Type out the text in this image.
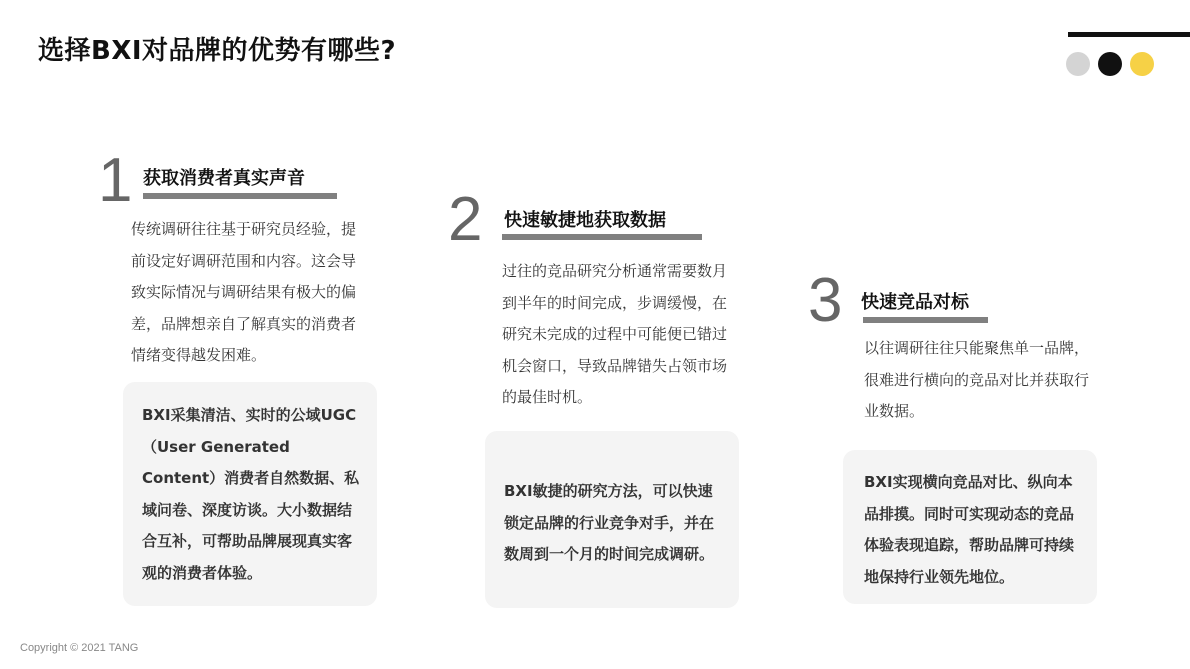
选择BXI对品牌的优势有哪些?
1 获取消费者真实声音
传统调研往往基于研究员经验，提前设定好调研范围和内容。这会导致实际情况与调研结果有极大的偏差，品牌想亲自了解真实的消费者情绪变得越发困难。
BXI采集清洁、实时的公域UGC（User Generated Content）消费者自然数据、私域问卷、深度访谈。大小数据结合互补，可帮助品牌展现真实客观的消费者体验。
2 快速敏捷地获取数据
过往的竞品研究分析通常需要数月到半年的时间完成，步调缓慢，在研究未完成的过程中可能便已错过机会窗口，导致品牌错失占领市场的最佳时机。
BXI敏捷的研究方法，可以快速锁定品牌的行业竞争对手，并在数周到一个月的时间完成调研。
3 快速竞品对标
以往调研往往只能聚焦单一品牌，很难进行横向的竞品对比并获取行业数据。
BXI实现横向竞品对比、纵向本品排摸。同时可实现动态的竞品体验表现追踪，帮助品牌可持续地保持行业领先地位。
Copyright © 2021 TANG
